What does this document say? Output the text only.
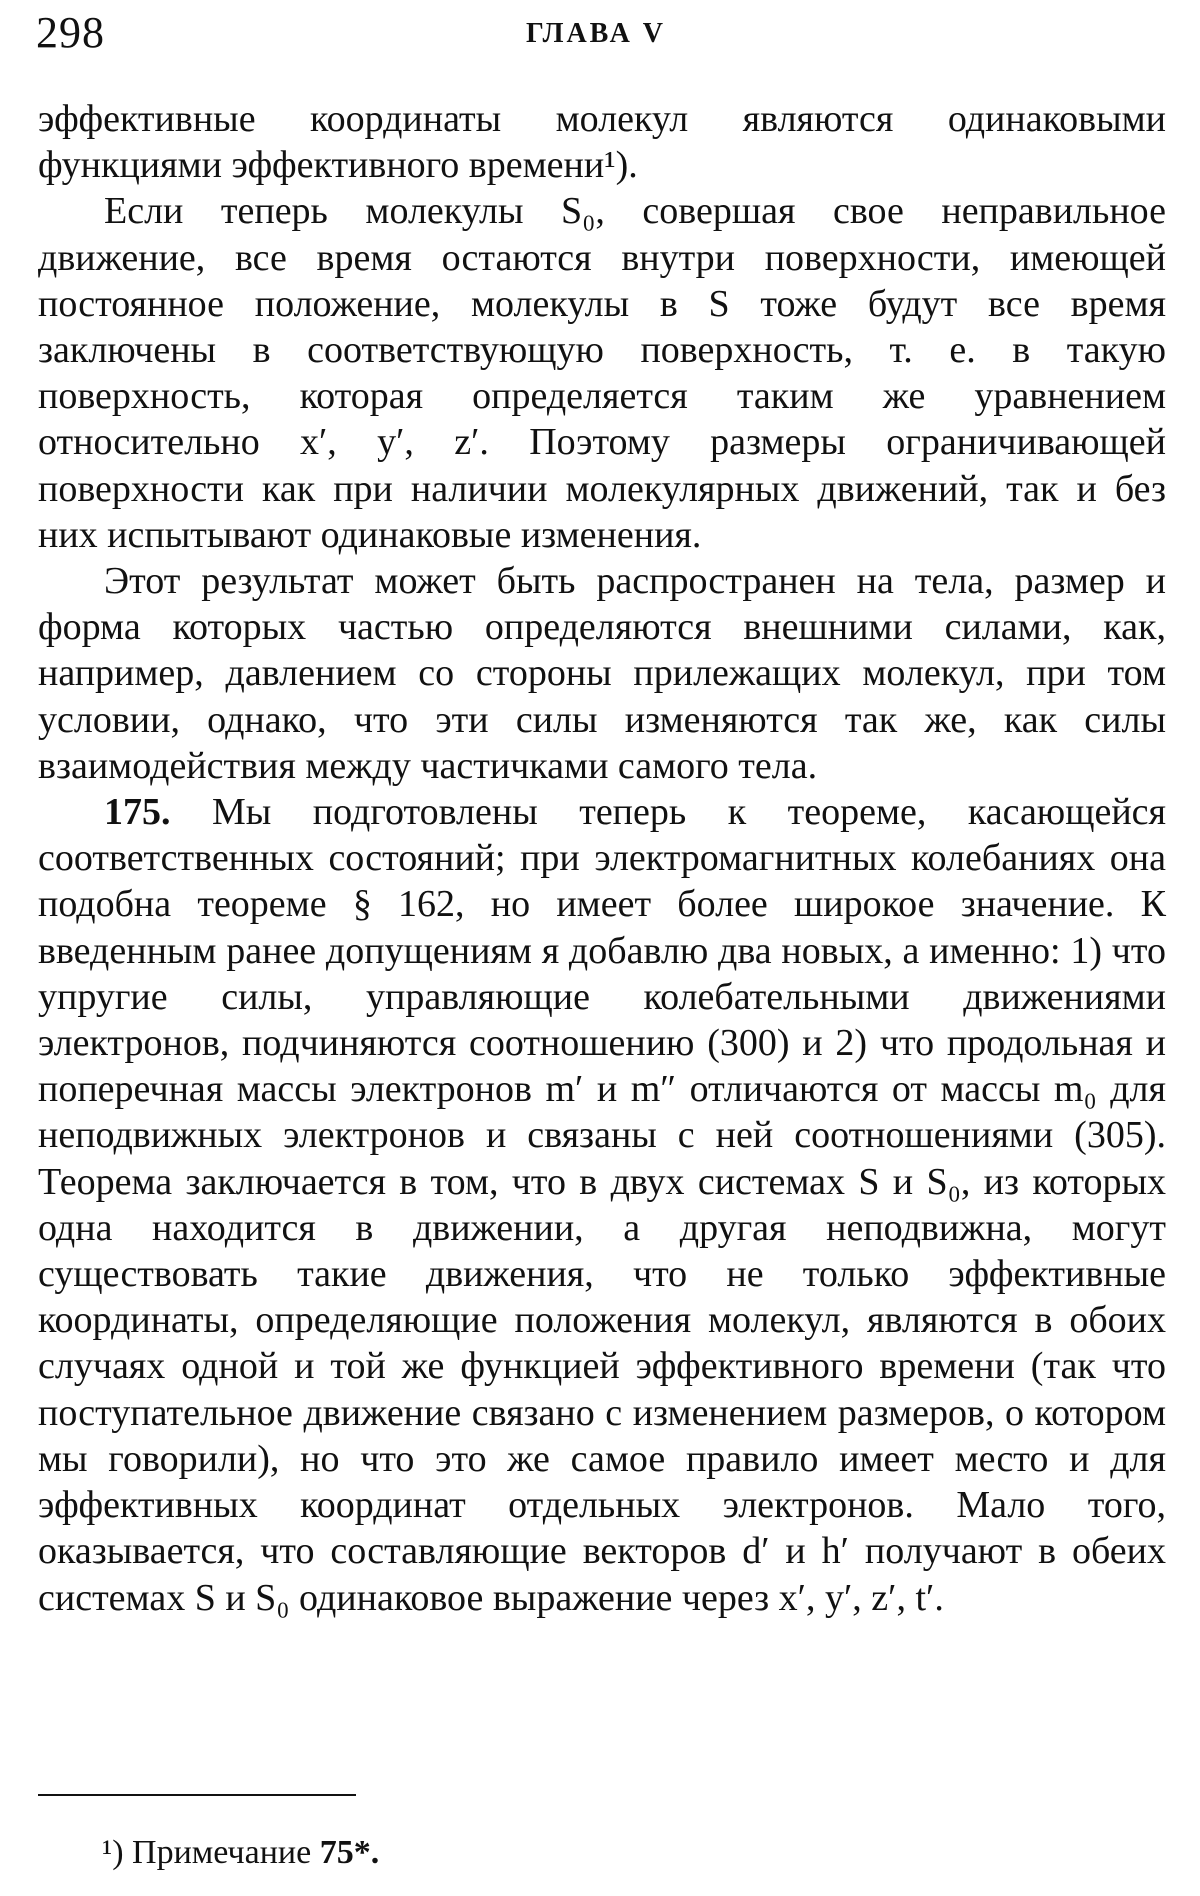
298	ГЛАВА V

эффективные координаты молекул являются одинаковыми функциями эффективного времени¹).

Если теперь молекулы S₀, совершая свое неправильное движение, все время остаются внутри поверхности, имеющей постоянное положение, молекулы в S тоже будут все время заключены в соответствующую поверхность, т. е. в такую поверхность, которая определяется таким же уравнением относительно x′, y′, z′. Поэтому размеры ограничивающей поверхности как при наличии молекулярных движений, так и без них испытывают одинаковые изменения.

Этот результат может быть распространен на тела, размер и форма которых частью определяются внешними силами, как, например, давлением со стороны прилежащих молекул, при том условии, однако, что эти силы изменяются так же, как силы взаимодействия между частичками самого тела.

175. Мы подготовлены теперь к теореме, касающейся соответственных состояний; при электромагнитных колебаниях она подобна теореме § 162, но имеет более широкое значение. К введенным ранее допущениям я добавлю два новых, а именно: 1) что упругие силы, управляющие колебательными движениями электронов, подчиняются соотношению (300) и 2) что продольная и поперечная массы электронов m′ и m″ отличаются от массы m₀ для неподвижных электронов и связаны с ней соотношениями (305). Теорема заключается в том, что в двух системах S и S₀, из которых одна находится в движении, а другая неподвижна, могут существовать такие движения, что не только эффективные координаты, определяющие положения молекул, являются в обоих случаях одной и той же функцией эффективного времени (так что поступательное движение связано с изменением размеров, о котором мы говорили), но что это же самое правило имеет место и для эффективных координат отдельных электронов. Мало того, оказывается, что составляющие векторов d′ и h′ получают в обеих системах S и S₀ одинаковое выражение через x′, y′, z′, t′.

¹) Примечание 75*.
